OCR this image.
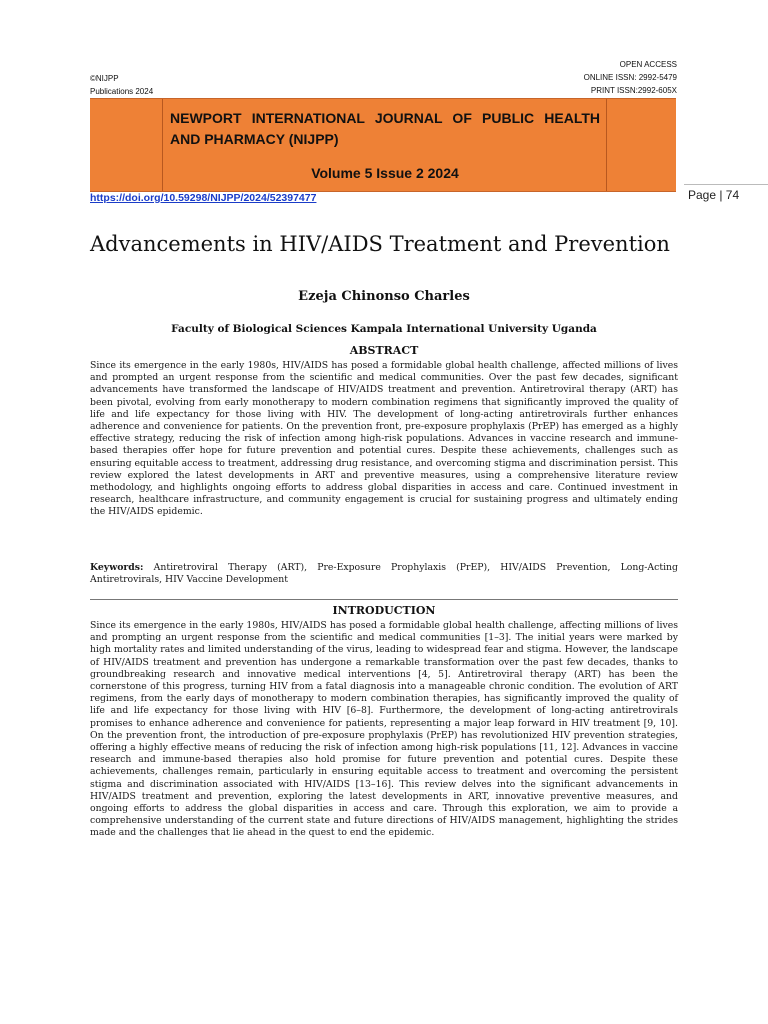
©NIJPP
Publications 2024
OPEN ACCESS
ONLINE ISSN: 2992-5479
PRINT ISSN:2992-605X
NEWPORT INTERNATIONAL JOURNAL OF PUBLIC HEALTH AND PHARMACY (NIJPP)
Volume 5 Issue 2 2024
https://doi.org/10.59298/NIJPP/2024/52397477	Page | 74
Advancements in HIV/AIDS Treatment and Prevention
Ezeja Chinonso Charles
Faculty of Biological Sciences Kampala International University Uganda
ABSTRACT

Since its emergence in the early 1980s, HIV/AIDS has posed a formidable global health challenge, affected millions of lives and prompted an urgent response from the scientific and medical communities. Over the past few decades, significant advancements have transformed the landscape of HIV/AIDS treatment and prevention. Antiretroviral therapy (ART) has been pivotal, evolving from early monotherapy to modern combination regimens that significantly improved the quality of life and life expectancy for those living with HIV. The development of long-acting antiretrovirals further enhances adherence and convenience for patients. On the prevention front, pre-exposure prophylaxis (PrEP) has emerged as a highly effective strategy, reducing the risk of infection among high-risk populations. Advances in vaccine research and immune-based therapies offer hope for future prevention and potential cures. Despite these achievements, challenges such as ensuring equitable access to treatment, addressing drug resistance, and overcoming stigma and discrimination persist. This review explored the latest developments in ART and preventive measures, using a comprehensive literature review methodology, and highlights ongoing efforts to address global disparities in access and care. Continued investment in research, healthcare infrastructure, and community engagement is crucial for sustaining progress and ultimately ending the HIV/AIDS epidemic.

Keywords: Antiretroviral Therapy (ART), Pre-Exposure Prophylaxis (PrEP), HIV/AIDS Prevention, Long-Acting Antiretrovirals, HIV Vaccine Development

INTRODUCTION

Since its emergence in the early 1980s, HIV/AIDS has posed a formidable global health challenge, affecting millions of lives and prompting an urgent response from the scientific and medical communities [1–3]. The initial years were marked by high mortality rates and limited understanding of the virus, leading to widespread fear and stigma. However, the landscape of HIV/AIDS treatment and prevention has undergone a remarkable transformation over the past few decades, thanks to groundbreaking research and innovative medical interventions [4, 5]. Antiretroviral therapy (ART) has been the cornerstone of this progress, turning HIV from a fatal diagnosis into a manageable chronic condition. The evolution of ART regimens, from the early days of monotherapy to modern combination therapies, has significantly improved the quality of life and life expectancy for those living with HIV [6–8]. Furthermore, the development of long-acting antiretrovirals promises to enhance adherence and convenience for patients, representing a major leap forward in HIV treatment [9, 10]. On the prevention front, the introduction of pre-exposure prophylaxis (PrEP) has revolutionized HIV prevention strategies, offering a highly effective means of reducing the risk of infection among high-risk populations [11, 12]. Advances in vaccine research and immune-based therapies also hold promise for future prevention and potential cures. Despite these achievements, challenges remain, particularly in ensuring equitable access to treatment and overcoming the persistent stigma and discrimination associated with HIV/AIDS [13–16]. This review delves into the significant advancements in HIV/AIDS treatment and prevention, exploring the latest developments in ART, innovative preventive measures, and ongoing efforts to address the global disparities in access and care. Through this exploration, we aim to provide a comprehensive understanding of the current state and future directions of HIV/AIDS management, highlighting the strides made and the challenges that lie ahead in the quest to end the epidemic.
